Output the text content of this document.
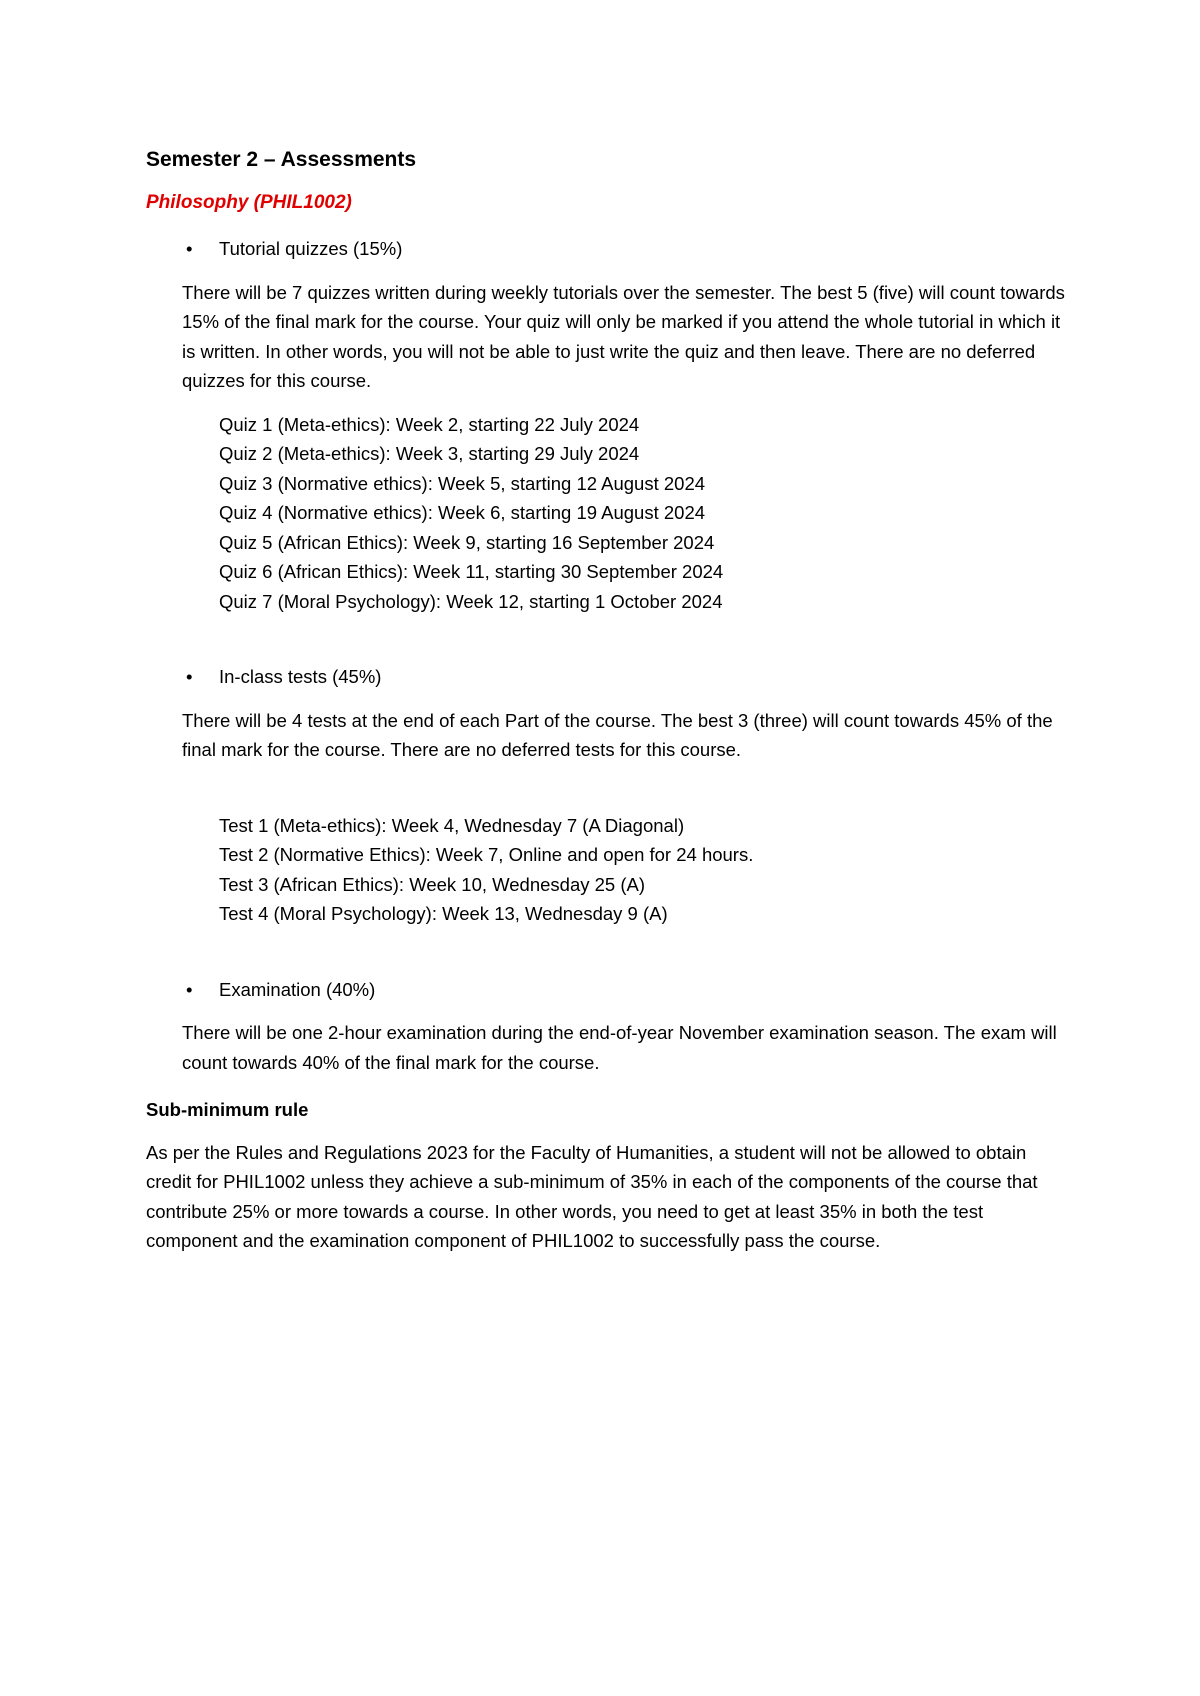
Semester 2 – Assessments
Philosophy (PHIL1002)
• Tutorial quizzes (15%)

There will be 7 quizzes written during weekly tutorials over the semester. The best 5 (five) will count towards 15% of the final mark for the course. Your quiz will only be marked if you attend the whole tutorial in which it is written. In other words, you will not be able to just write the quiz and then leave. There are no deferred quizzes for this course.

Quiz 1 (Meta-ethics): Week 2, starting 22 July 2024
Quiz 2 (Meta-ethics): Week 3, starting 29 July 2024
Quiz 3 (Normative ethics): Week 5, starting 12 August 2024
Quiz 4 (Normative ethics): Week 6, starting 19 August 2024
Quiz 5 (African Ethics): Week 9, starting 16 September 2024
Quiz 6 (African Ethics): Week 11, starting 30 September 2024
Quiz 7 (Moral Psychology): Week 12, starting 1 October 2024
• In-class tests (45%)

There will be 4 tests at the end of each Part of the course. The best 3 (three) will count towards 45% of the final mark for the course. There are no deferred tests for this course.

Test 1 (Meta-ethics): Week 4, Wednesday 7 (A Diagonal)
Test 2 (Normative Ethics): Week 7, Online and open for 24 hours.
Test 3 (African Ethics): Week 10, Wednesday 25 (A)
Test 4 (Moral Psychology): Week 13, Wednesday 9 (A)
• Examination (40%)

There will be one 2-hour examination during the end-of-year November examination season. The exam will count towards 40% of the final mark for the course.

Sub-minimum rule

As per the Rules and Regulations 2023 for the Faculty of Humanities, a student will not be allowed to obtain credit for PHIL1002 unless they achieve a sub-minimum of 35% in each of the components of the course that contribute 25% or more towards a course. In other words, you need to get at least 35% in both the test component and the examination component of PHIL1002 to successfully pass the course.
